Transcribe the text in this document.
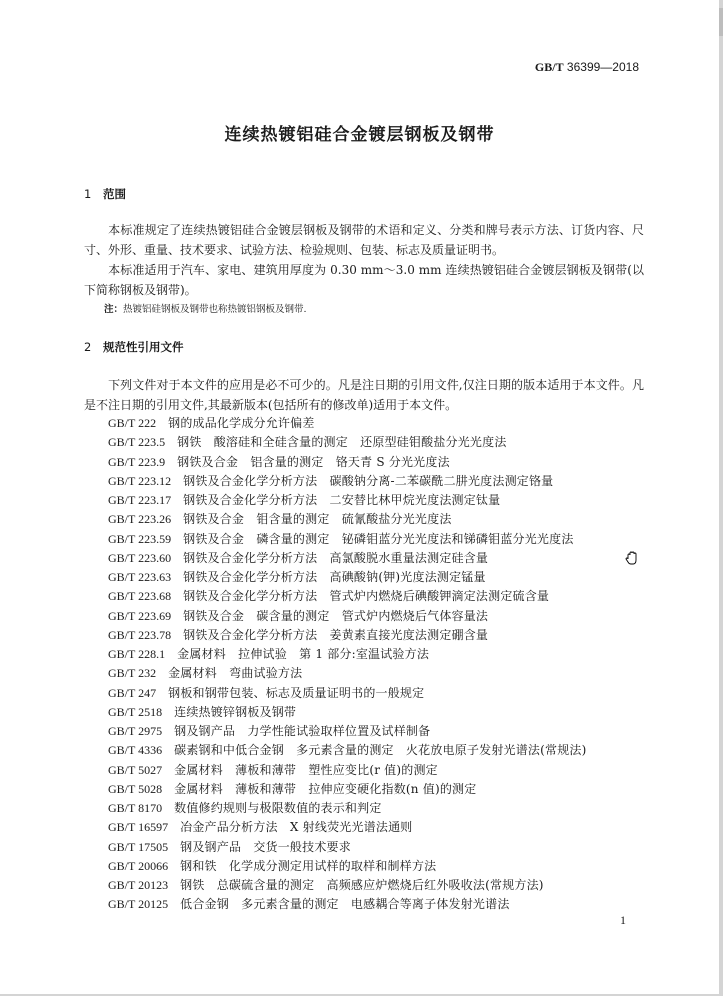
GB/T 36399—2018
连续热镀铝硅合金镀层钢板及钢带
1 范围
本标准规定了连续热镀铝硅合金镀层钢板及钢带的术语和定义、分类和牌号表示方法、订货内容、尺寸、外形、重量、技术要求、试验方法、检验规则、包装、标志及质量证明书。
本标准适用于汽车、家电、建筑用厚度为 0.30 mm～3.0 mm 连续热镀铝硅合金镀层钢板及钢带(以下简称钢板及钢带)。
注：热镀铝硅钢板及钢带也称热镀铝钢板及钢带.
2 规范性引用文件
下列文件对于本文件的应用是必不可少的。凡是注日期的引用文件,仅注日期的版本适用于本文件。凡是不注日期的引用文件,其最新版本(包括所有的修改单)适用于本文件。
GB/T 222 钢的成品化学成分允许偏差
GB/T 223.5 钢铁　酸溶硅和全硅含量的测定　还原型硅钼酸盐分光光度法
GB/T 223.9 钢铁及合金　铝含量的测定　铬天青 S 分光光度法
GB/T 223.12 钢铁及合金化学分析方法　碳酸钠分离-二苯碳酰二肼光度法测定铬量
GB/T 223.17 钢铁及合金化学分析方法　二安替比林甲烷光度法测定钛量
GB/T 223.26 钢铁及合金　钼含量的测定　硫氰酸盐分光光度法
GB/T 223.59 钢铁及合金　磷含量的测定　铋磷钼蓝分光光度法和锑磷钼蓝分光光度法
GB/T 223.60 钢铁及合金化学分析方法　高氯酸脱水重量法测定硅含量
GB/T 223.63 钢铁及合金化学分析方法　高碘酸钠(钾)光度法测定锰量
GB/T 223.68 钢铁及合金化学分析方法　管式炉内燃烧后碘酸钾滴定法测定硫含量
GB/T 223.69 钢铁及合金　碳含量的测定　管式炉内燃烧后气体容量法
GB/T 223.78 钢铁及合金化学分析方法　姜黄素直接光度法测定硼含量
GB/T 228.1 金属材料　拉伸试验　第 1 部分:室温试验方法
GB/T 232 金属材料　弯曲试验方法
GB/T 247 钢板和钢带包装、标志及质量证明书的一般规定
GB/T 2518 连续热镀锌钢板及钢带
GB/T 2975 钢及钢产品　力学性能试验取样位置及试样制备
GB/T 4336 碳素钢和中低合金钢　多元素含量的测定　火花放电原子发射光谱法(常规法)
GB/T 5027 金属材料　薄板和薄带　塑性应变比(r 值)的测定
GB/T 5028 金属材料　薄板和薄带　拉伸应变硬化指数(n 值)的测定
GB/T 8170 数值修约规则与极限数值的表示和判定
GB/T 16597 冶金产品分析方法　X 射线荧光光谱法通则
GB/T 17505 钢及钢产品　交货一般技术要求
GB/T 20066 钢和铁　化学成分测定用试样的取样和制样方法
GB/T 20123 钢铁　总碳硫含量的测定　高频感应炉燃烧后红外吸收法(常规方法)
GB/T 20125 低合金钢　多元素含量的测定　电感耦合等离子体发射光谱法
1
